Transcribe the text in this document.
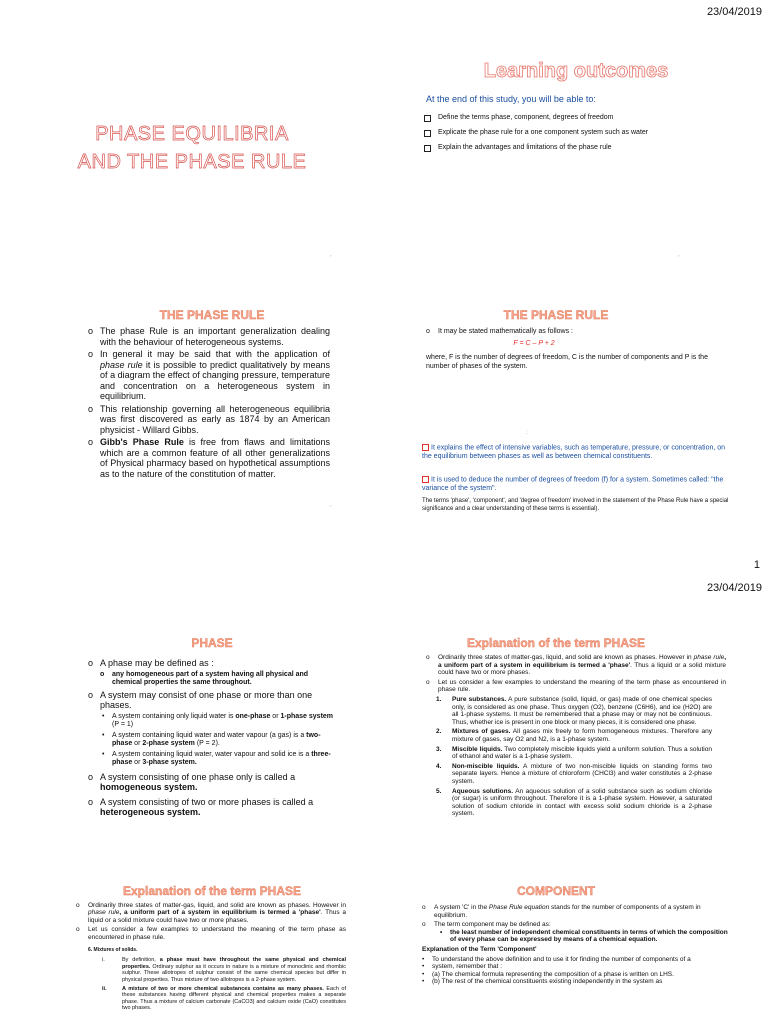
23/04/2019
PHASE EQUILIBRIA
AND THE PHASE RULE
,
Learning outcomes
At the end of this study, you will be able to:
Define the terms phase, component, degrees of freedom
Explicate the phase rule for a one component system such as water
Explain the advantages and limitations of the phase rule
,
THE PHASE RULE
o The phase Rule is an important generalization dealing with the behaviour of heterogeneous systems.
o In general it may be said that with the application of phase rule it is possible to predict qualitatively by means of a diagram the effect of changing pressure, temperature and concentration on a heterogeneous system in equilibrium.
o This relationship governing all heterogeneous equilibria was first discovered as early as 1874 by an American physicist - Willard Gibbs.
o Gibb's Phase Rule is free from flaws and limitations which are a common feature of all other generalizations of Physical pharmacy based on hypothetical assumptions as to the nature of the constitution of matter.
,
THE PHASE RULE
o It may be stated mathematically as follows :
F = C – P + 2
where, F is the number of degrees of freedom, C is the number of components and P is the number of phases of the system.
:
It explains the effect of intensive variables, such as temperature, pressure, or concentration, on the equilibrium between phases as well as between chemical constituents.
It is used to deduce the number of degrees of freedom (f) for a system. Sometimes called: "the variance of the system".
The terms 'phase', 'component', and 'degree of freedom' involved in the statement of the Phase Rule have a special significance and a clear understanding of these terms is essential).
1
23/04/2019
PHASE
o A phase may be defined as :
o any homogeneous part of a system having all physical and chemical properties the same throughout.
o A system may consist of one phase or more than one phases.
• A system containing only liquid water is one-phase or 1-phase system (P = 1)
• A system containing liquid water and water vapour (a gas) is a two-phase or 2-phase system (P = 2).
• A system containing liquid water, water vapour and solid ice is a three-phase or 3-phase system.
o A system consisting of one phase only is called a homogeneous system.
o A system consisting of two or more phases is called a heterogeneous system.
Explanation of the term PHASE
o Ordinarily three states of matter-gas, liquid, and solid are known as phases. However in phase rule, a uniform part of a system in equilibrium is termed a 'phase'. Thus a liquid or a solid mixture could have two or more phases.
o Let us consider a few examples to understand the meaning of the term phase as encountered in phase rule.
1. Pure substances. A pure substance (solid, liquid, or gas) made of one chemical species only, is considered as one phase. Thus oxygen (O2), benzene (C6H6), and ice (H2O) are all 1-phase systems. It must be remembered that a phase may or may not be continuous. Thus, whether ice is present in one block or many pieces, it is considered one phase.
2. Mixtures of gases. All gases mix freely to form homogeneous mixtures. Therefore any mixture of gases, say O2 and N2, is a 1-phase system.
3. Miscible liquids. Two completely miscible liquids yield a uniform solution. Thus a solution of ethanol and water is a 1-phase system.
4. Non-miscible liquids. A mixture of two non-miscible liquids on standing forms two separate layers. Hence a mixture of chloroform (CHCl3) and water constitutes a 2-phase system.
5. Aqueous solutions. An aqueous solution of a solid substance such as sodium chloride (or sugar) is uniform throughout. Therefore it is a 1-phase system. However, a saturated solution of sodium chloride in contact with excess solid sodium chloride is a 2-phase system.
Explanation of the term PHASE
o Ordinarily three states of matter-gas, liquid, and solid are known as phases. However in phase rule, a uniform part of a system in equilibrium is termed a 'phase'. Thus a liquid or a solid mixture could have two or more phases.
o Let us consider a few examples to understand the meaning of the term phase as encountered in phase rule.
6. Mixtures of solids.
i.	By definition, a phase must have throughout the same physical and chemical properties. Ordinary sulphur as it occurs in nature is a mixture of monoclinic and rhombic sulphur. These allotropes of sulphur consist of the same chemical species but differ in physical properties. Thus mixture of two allotropes is a 2-phase system.
ii.	A mixture of two or more chemical substances contains as many phases. Each of these substances having different physical and chemical properties makes a separate phase. Thus a mixture of calcium carbonate (CaCO3) and calcium oxide (CaO) constitutes two phases.
COMPONENT
o A system 'C' in the Phase Rule equation stands for the number of components of a system in equilibrium.
o The term component may be defined as:
• the least number of independent chemical constituents in terms of which the composition of every phase can be expressed by means of a chemical equation.
Explanation of the Term 'Component'
• To understand the above definition and to use it for finding the number of components of a
• system, remember that :
• (a) The chemical formula representing the composition of a phase is written on LHS.
• (b) The rest of the chemical constituents existing independently in the system as
